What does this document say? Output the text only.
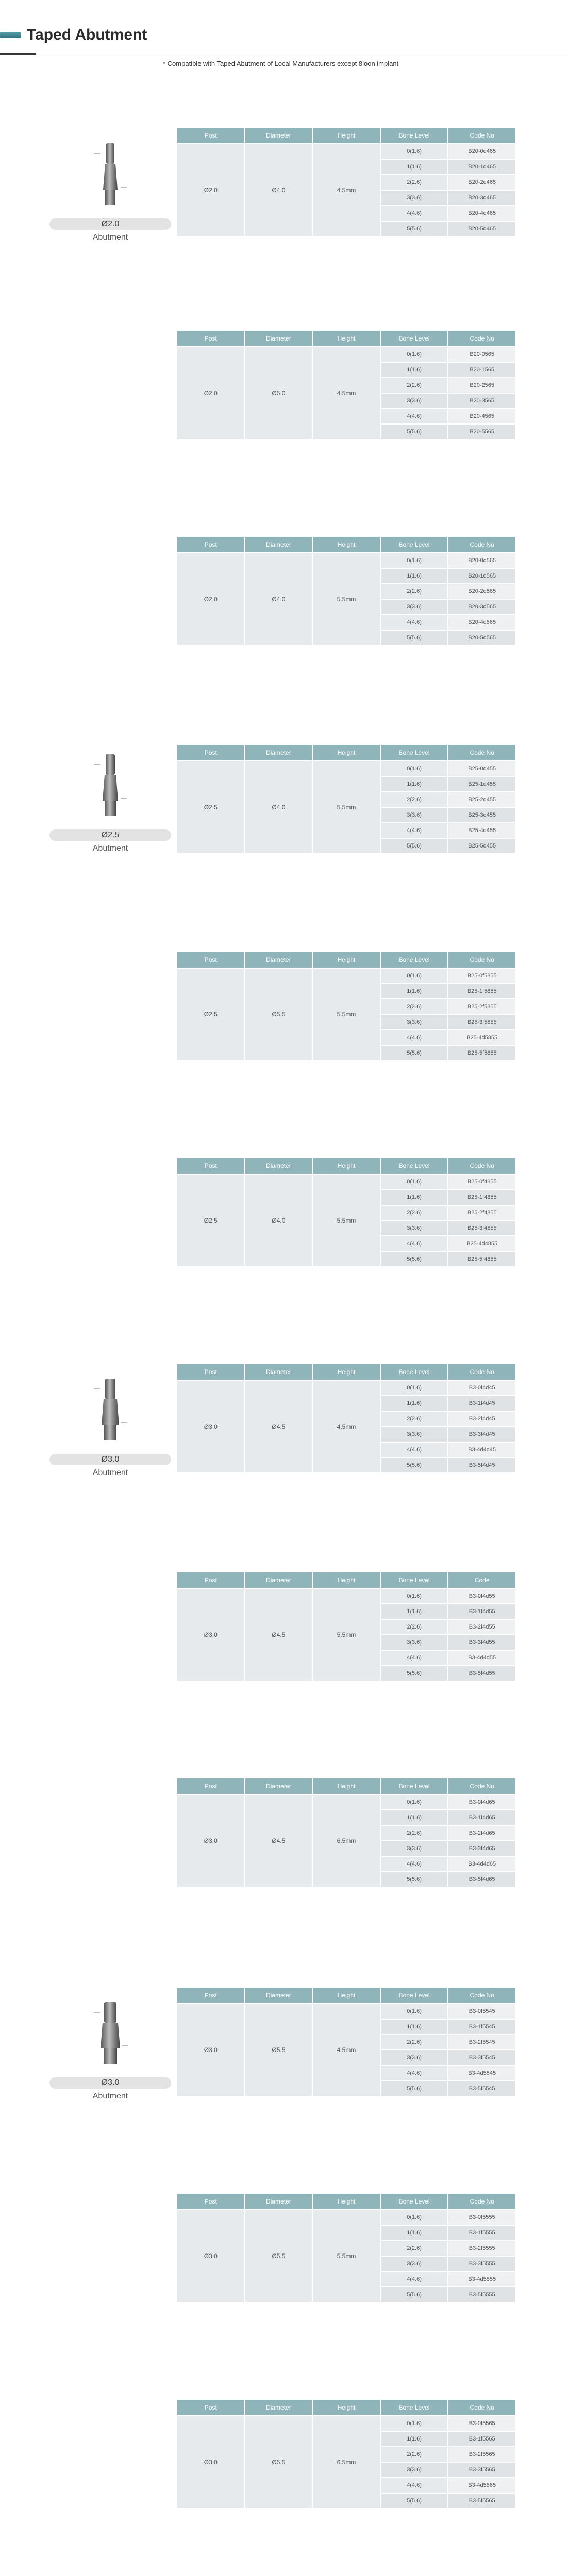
Taped Abutment
* Compatible with Taped Abutment of Local Manufacturers except 8loon implant
Ø2.0
Abutment
Ø2.5
Abutment
Ø3.0
Abutment
Ø3.0
Abutment
Post	Diameter	Height	Bone Level	Code No
Ø2.0	Ø4.0	4.5mm	0(1.6)	B20-0d465
			1(1.6)	B20-1d465
			2(2.6)	B20-2d465
			3(3.6)	B20-3d465
			4(4.6)	B20-4d465
			5(5.6)	B20-5d465
Post	Diameter	Height	Bone Level	Code No
Ø2.0	Ø5.0	4.5mm	0(1.6)	B20-0565
			1(1.6)	B20-1565
			2(2.6)	B20-2565
			3(3.6)	B20-3565
			4(4.6)	B20-4565
			5(5.6)	B20-5565
Post	Diameter	Height	Bone Level	Code No
Ø2.0	Ø4.0	5.5mm	0(1.6)	B20-0d565
			1(1.6)	B20-1d565
			2(2.6)	B20-2d565
			3(3.6)	B20-3d565
			4(4.6)	B20-4d565
			5(5.6)	B20-5d565
Post	Diameter	Height	Bone Level	Code No
Ø2.5	Ø4.0	5.5mm	0(1.6)	B25-0d455
			1(1.6)	B25-1d455
			2(2.6)	B25-2d455
			3(3.6)	B25-3d455
			4(4.6)	B25-4d455
			5(5.6)	B25-5d455
Post	Diameter	Height	Bone Level	Code No
Ø2.5	Ø5.5	5.5mm	0(1.6)	B25-0f5855
			1(1.6)	B25-1f5855
			2(2.6)	B25-2f5855
			3(3.6)	B25-3f5855
			4(4.6)	B25-4d5855
			5(5.6)	B25-5f5855
Post	Diameter	Height	Bone Level	Code No
Ø2.5	Ø4.0	5.5mm	0(1.6)	B25-0f4855
			1(1.6)	B25-1f4855
			2(2.6)	B25-2f4855
			3(3.6)	B25-3f4855
			4(4.6)	B25-4d4855
			5(5.6)	B25-5f4855
Post	Diameter	Height	Bone Level	Code No
Ø3.0	Ø4.5	4.5mm	0(1.6)	B3-0f4d45
			1(1.6)	B3-1f4d45
			2(2.6)	B3-2f4d45
			3(3.6)	B3-3f4d45
			4(4.6)	B3-4d4d45
			5(5.6)	B3-5f4d45
Post	Diameter	Height	Bone Level	Code
Ø3.0	Ø4.5	5.5mm	0(1.6)	B3-0f4d55
			1(1.6)	B3-1f4d55
			2(2.6)	B3-2f4d55
			3(3.6)	B3-3f4d55
			4(4.6)	B3-4d4d55
			5(5.6)	B3-5f4d55
Post	Diameter	Height	Bone Level	Code No
Ø3.0	Ø4.5	6.5mm	0(1.6)	B3-0f4d65
			1(1.6)	B3-1f4d65
			2(2.6)	B3-2f4d65
			3(3.6)	B3-3f4d65
			4(4.6)	B3-4d4d65
			5(5.6)	B3-5f4d65
Post	Diameter	Height	Bone Level	Code No
Ø3.0	Ø5.5	4.5mm	0(1.6)	B3-0f5545
			1(1.6)	B3-1f5545
			2(2.6)	B3-2f5545
			3(3.6)	B3-3f5545
			4(4.6)	B3-4d5545
			5(5.6)	B3-5f5545
Post	Diameter	Height	Bone Level	Code No
Ø3.0	Ø5.5	5.5mm	0(1.6)	B3-0f5555
			1(1.6)	B3-1f5555
			2(2.6)	B3-2f5555
			3(3.6)	B3-3f5555
			4(4.6)	B3-4d5555
			5(5.6)	B3-5f5555
Post	Diameter	Height	Bone Level	Code No
Ø3.0	Ø5.5	6.5mm	0(1.6)	B3-0f5565
			1(1.6)	B3-1f5565
			2(2.6)	B3-2f5565
			3(3.6)	B3-3f5565
			4(4.6)	B3-4d5565
			5(5.6)	B3-5f5565
